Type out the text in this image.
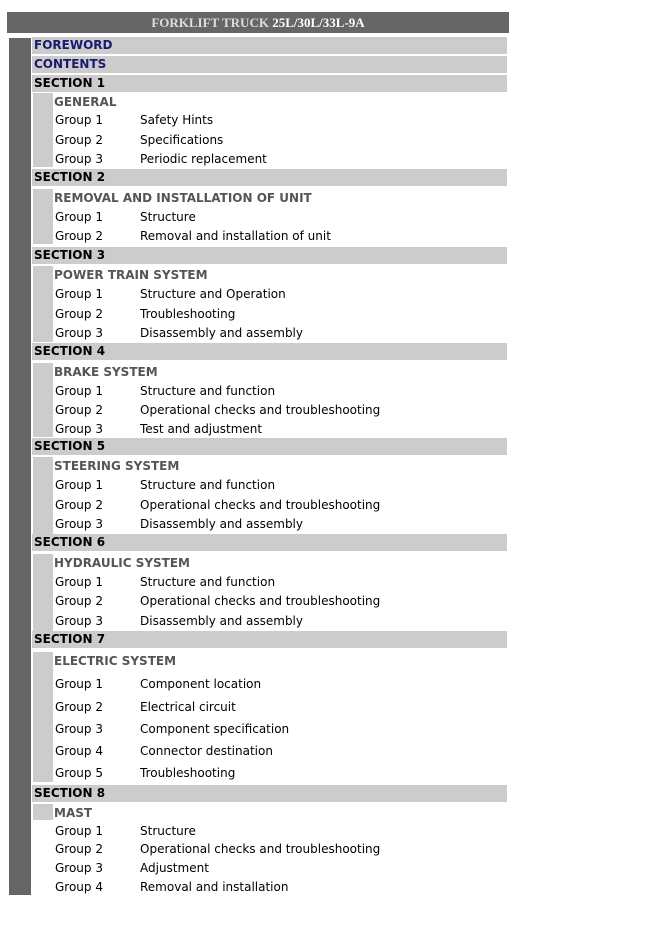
FORKLIFT TRUCK 25L/30L/33L-9A
FOREWORD
CONTENTS
SECTION 1
GENERAL
Group 1	Safety Hints
Group 2	Specifications
Group 3	Periodic replacement
SECTION 2
REMOVAL AND INSTALLATION OF UNIT
Group 1	Structure
Group 2	Removal and installation of unit
SECTION 3
POWER TRAIN SYSTEM
Group 1	Structure and Operation
Group 2	Troubleshooting
Group 3	Disassembly and assembly
SECTION 4
BRAKE SYSTEM
Group 1	Structure and function
Group 2	Operational checks and troubleshooting
Group 3	Test and adjustment
SECTION 5
STEERING SYSTEM
Group 1	Structure and function
Group 2	Operational checks and troubleshooting
Group 3	Disassembly and assembly
SECTION 6
HYDRAULIC SYSTEM
Group 1	Structure and function
Group 2	Operational checks and troubleshooting
Group 3	Disassembly and assembly
SECTION 7
ELECTRIC SYSTEM
Group 1	Component location
Group 2	Electrical circuit
Group 3	Component specification
Group 4	Connector destination
Group 5	Troubleshooting
SECTION 8
MAST
Group 1	Structure
Group 2	Operational checks and troubleshooting
Group 3	Adjustment
Group 4	Removal and installation
